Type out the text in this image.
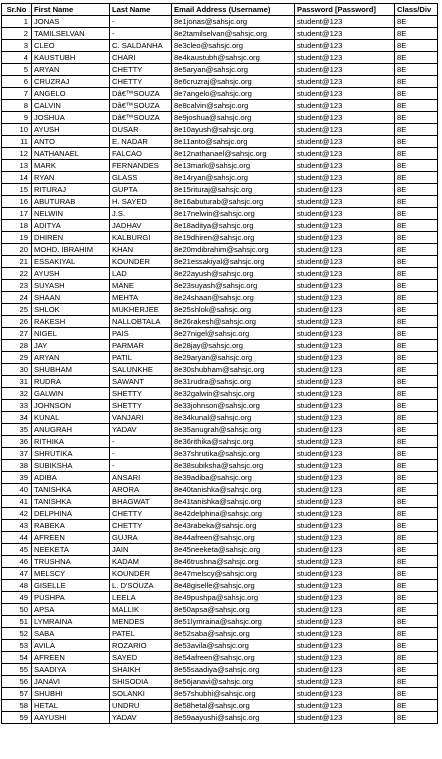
Sr.No	First Name	Last Name	Email Address (Username)	Password [Password]	Class/Div
1	JONAS	-	8e1jonas@sahsjc.org	student@123	8E
2	TAMILSELVAN	-	8e2tamilselvan@sahsjc.org	student@123	8E
3	CLEO	C. SALDANHA	8e3cleo@sahsjc.org	student@123	8E
4	KAUSTUBH	CHARI	8e4kaustubh@sahsjc.org	student@123	8E
5	ARYAN	CHETTY	8e5aryan@sahsjc.org	student@123	8E
6	CRUZRAJ	CHETTY	8e6cruzraj@sahsjc.org	student@123	8E
7	ANGELO	Dâ€™SOUZA	8e7angelo@sahsjc.org	student@123	8E
8	CALVIN	Dâ€™SOUZA	8e8calvin@sahsjc.org	student@123	8E
9	JOSHUA	Dâ€™SOUZA	8e9joshua@sahsjc.org	student@123	8E
10	AYUSH	DUSAR	8e10ayush@sahsjc.org	student@123	8E
11	ANTO	E. NADAR	8e11anto@sahsjc.org	student@123	8E
12	NATHANAEL	FALCAO	8e12nathanael@sahsjc.org	student@123	8E
13	MARK	FERNANDES	8e13mark@sahsjc.org	student@123	8E
14	RYAN	GLASS	8e14ryan@sahsjc.org	student@123	8E
15	RITURAJ	GUPTA	8e15rituraj@sahsjc.org	student@123	8E
16	ABUTURAB	H. SAYED	8e16abuturab@sahsjc.org	student@123	8E
17	NELWIN	J.S.	8e17nelwin@sahsjc.org	student@123	8E
18	ADITYA	JADHAV	8e18aditya@sahsjc.org	student@123	8E
19	DHIREN	KALBURGI	8e19dhiren@sahsjc.org	student@123	8E
20	MOHD. IBRAHIM	KHAN	8e20mdibrahim@sahsjc.org	student@123	8E
21	ESSAKIYAL	KOUNDER	8e21essakiyal@sahsjc.org	student@123	8E
22	AYUSH	LAD	8e22ayush@sahsjc.org	student@123	8E
23	SUYASH	MANE	8e23suyash@sahsjc.org	student@123	8E
24	SHAAN	MEHTA	8e24shaan@sahsjc.org	student@123	8E
25	SHLOK	MUKHERJEE	8e25shlok@sahsjc.org	student@123	8E
26	RAKESH	NALLOBTALA	8e26rakesh@sahsjc.org	student@123	8E
27	NIGEL	PAIS	8e27nigel@sahsjc.org	student@123	8E
28	JAY	PARMAR	8e28jay@sahsjc.org	student@123	8E
29	ARYAN	PATIL	8e29aryan@sahsjc.org	student@123	8E
30	SHUBHAM	SALUNKHE	8e30shubham@sahsjc.org	student@123	8E
31	RUDRA	SAWANT	8e31rudra@sahsjc.org	student@123	8E
32	GALWIN	SHETTY	8e32galwin@sahsjc.org	student@123	8E
33	JOHNSON	SHETTY	8e33johnson@sahsjc.org	student@123	8E
34	KUNAL	VANJARI	8e34kunal@sahsjc.org	student@123	8E
35	ANUGRAH	YADAV	8e35anugrah@sahsjc.org	student@123	8E
36	RITHIKA	-	8e36rithika@sahsjc.org	student@123	8E
37	SHRUTIKA	-	8e37shrutika@sahsjc.org	student@123	8E
38	SUBIKSHA	-	8e38subiksha@sahsjc.org	student@123	8E
39	ADIBA	ANSARI	8e39adiba@sahsjc.org	student@123	8E
40	TANISHKA	ARORA	8e40tanishka@sahsjc.org	student@123	8E
41	TANISHKA	BHAGWAT	8e41tanishka@sahsjc.org	student@123	8E
42	DELPHINA	CHETTY	8e42delphina@sahsjc.org	student@123	8E
43	RABEKA	CHETTY	8e43rabeka@sahsjc.org	student@123	8E
44	AFREEN	GUJRA	8e44afreen@sahsjc.org	student@123	8E
45	NEEKETA	JAIN	8e45neeketa@sahsjc.org	student@123	8E
46	TRUSHNA	KADAM	8e46trushna@sahsjc.org	student@123	8E
47	MELSCY	KOUNDER	8e47melscy@sahsjc.org	student@123	8E
48	GISELLE	L. D'SOUZA	8e48giselle@sahsjc.org	student@123	8E
49	PUSHPA	LEELA	8e49pushpa@sahsjc.org	student@123	8E
50	APSA	MALLIK	8e50apsa@sahsjc.org	student@123	8E
51	LYMRAINA	MENDES	8e51lymraina@sahsjc.org	student@123	8E
52	SABA	PATEL	8e52saba@sahsjc.org	student@123	8E
53	AVILA	ROZARIO	8e53avila@sahsjc.org	student@123	8E
54	AFREEN	SAYED	8e54afreen@sahsjc.org	student@123	8E
55	SAADIYA	SHAIKH	8e55saadiya@sahsjc.org	student@123	8E
56	JANAVI	SHISODIA	8e56janavi@sahsjc.org	student@123	8E
57	SHUBHI	SOLANKI	8e57shubhi@sahsjc.org	student@123	8E
58	HETAL	UNDRU	8e58hetal@sahsjc.org	student@123	8E
59	AAYUSHI	YADAV	8e59aayushi@sahsjc.org	student@123	8E
